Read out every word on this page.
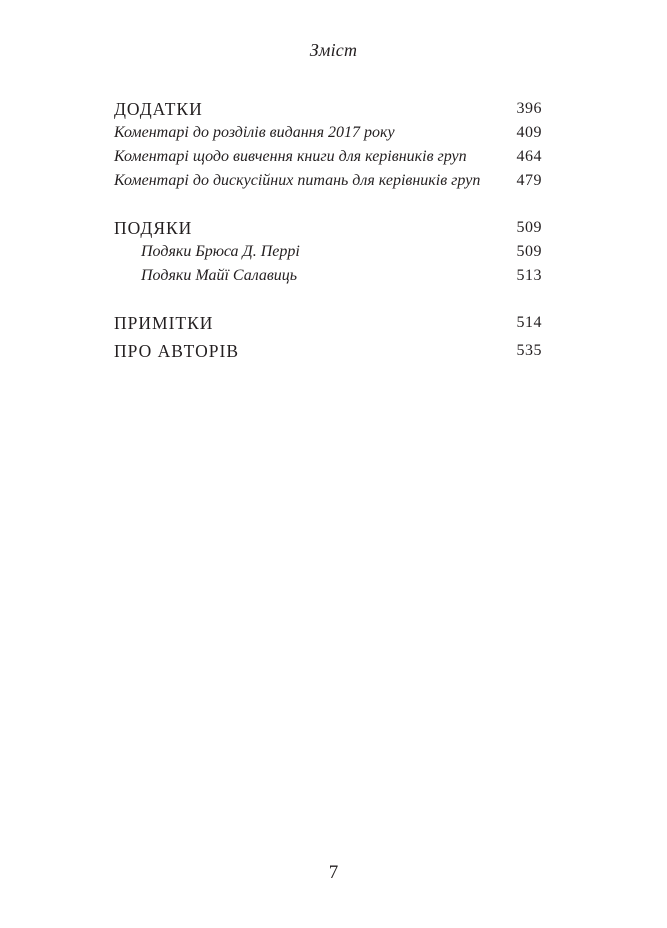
Зміст
ДОДАТКИ	396
Коментарі до розділів видання 2017 року	409
Коментарі щодо вивчення книги для керівників груп	464
Коментарі до дискусійних питань для керівників груп 479
ПОДЯКИ	509
Подяки Брюса Д. Перрі	509
Подяки Майї Салавиць	513
ПРИМІТКИ	514
ПРО АВТОРІВ	535
7
